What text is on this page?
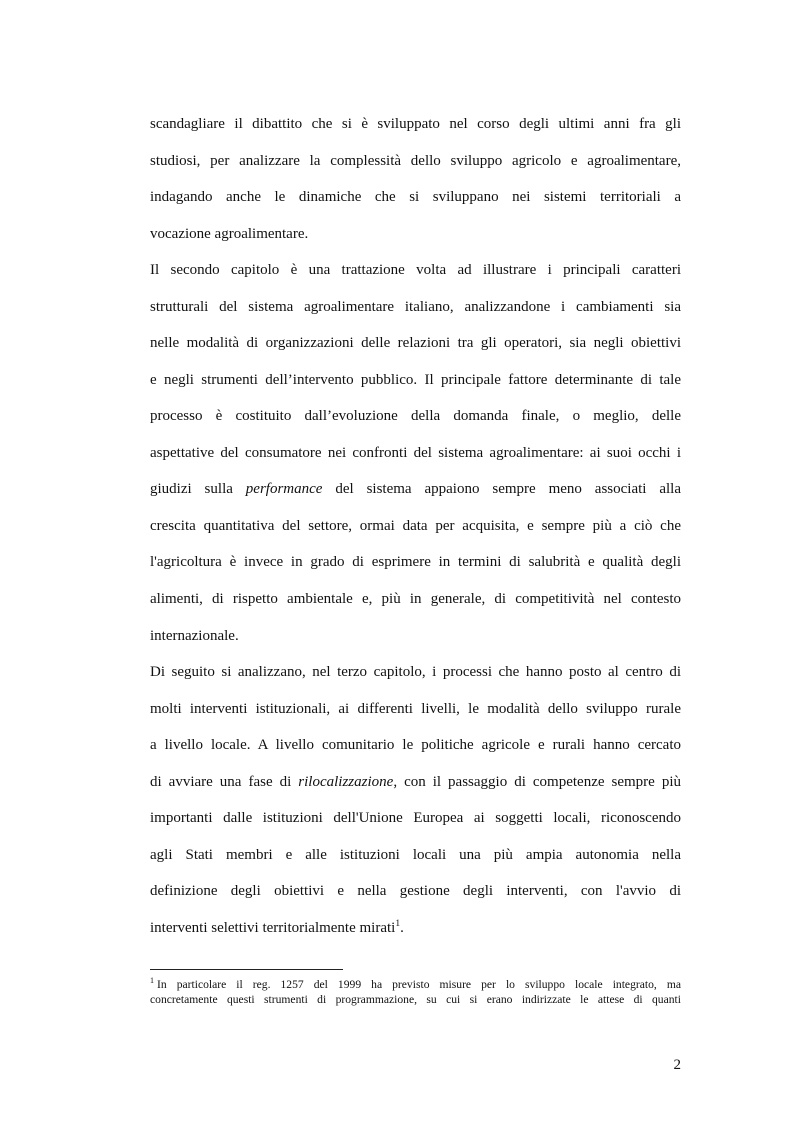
scandagliare il dibattito che si è sviluppato nel corso degli ultimi anni fra gli
studiosi, per analizzare la complessità dello sviluppo agricolo e agroalimentare,
indagando anche le dinamiche che si sviluppano nei sistemi territoriali a
vocazione agroalimentare.
Il secondo capitolo è una trattazione volta ad illustrare i principali caratteri
strutturali del sistema agroalimentare italiano, analizzandone i cambiamenti sia
nelle modalità di organizzazioni delle relazioni tra gli operatori, sia negli obiettivi
e negli strumenti dell’intervento pubblico. Il principale fattore determinante di tale
processo è costituito dall’evoluzione della domanda finale, o meglio, delle
aspettative del consumatore nei confronti del sistema agroalimentare: ai suoi occhi i
giudizi sulla performance del sistema appaiono sempre meno associati alla
crescita quantitativa del settore, ormai data per acquisita, e sempre più a ciò che
l'agricoltura è invece in grado di esprimere in termini di salubrità e qualità degli
alimenti, di rispetto ambientale e, più in generale, di competitività nel contesto
internazionale.
Di seguito si analizzano, nel terzo capitolo, i processi che hanno posto al centro di
molti interventi istituzionali, ai differenti livelli, le modalità dello sviluppo rurale
a livello locale. A livello comunitario le politiche agricole e rurali hanno cercato
di avviare una fase di rilocalizzazione, con il passaggio di competenze sempre più
importanti dalle istituzioni dell'Unione Europea ai soggetti locali, riconoscendo
agli Stati membri e alle istituzioni locali una più ampia autonomia nella
definizione degli obiettivi e nella gestione degli interventi, con l'avvio di
interventi selettivi territorialmente mirati$^1$.
$^1$ In particolare il reg. 1257 del 1999 ha previsto misure per lo sviluppo locale integrato, ma
concretamente questi strumenti di programmazione, su cui si erano indirizzate le attese di quanti
2
